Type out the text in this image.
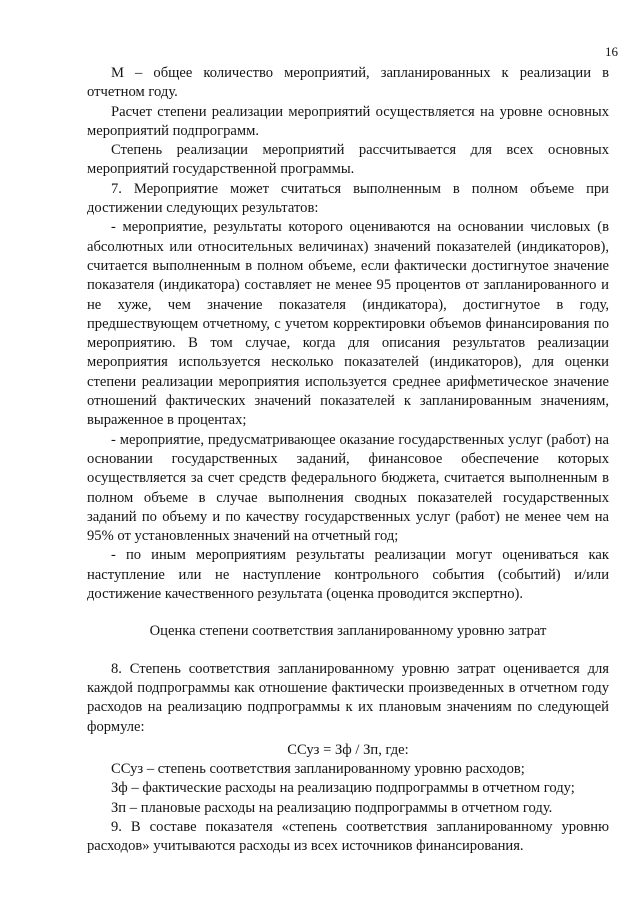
16

М – общее количество мероприятий, запланированных к реализации в отчетном году.

Расчет степени реализации мероприятий осуществляется на уровне основных мероприятий подпрограмм.

Степень реализации мероприятий рассчитывается для всех основных мероприятий государственной программы.

7. Мероприятие может считаться выполненным в полном объеме при достижении следующих результатов:

- мероприятие, результаты которого оцениваются на основании числовых (в абсолютных или относительных величинах) значений показателей (индикаторов), считается выполненным в полном объеме, если фактически достигнутое значение показателя (индикатора) составляет не менее 95 процентов от запланированного и не хуже, чем значение показателя (индикатора), достигнутое в году, предшествующем отчетному, с учетом корректировки объемов финансирования по мероприятию. В том случае, когда для описания результатов реализации мероприятия используется несколько показателей (индикаторов), для оценки степени реализации мероприятия используется среднее арифметическое значение отношений фактических значений показателей к запланированным значениям, выраженное в процентах;

- мероприятие, предусматривающее оказание государственных услуг (работ) на основании государственных заданий, финансовое обеспечение которых осуществляется за счет средств федерального бюджета, считается выполненным в полном объеме в случае выполнения сводных показателей государственных заданий по объему и по качеству государственных услуг (работ) не менее чем на 95% от установленных значений на отчетный год;

- по иным мероприятиям результаты реализации могут оцениваться как наступление или не наступление контрольного события (событий) и/или достижение качественного результата (оценка проводится экспертно).

Оценка степени соответствия запланированному уровню затрат

8. Степень соответствия запланированному уровню затрат оценивается для каждой подпрограммы как отношение фактически произведенных в отчетном году расходов на реализацию подпрограммы к их плановым значениям по следующей формуле:

ССуз = Зф / Зп, где:

ССуз – степень соответствия запланированному уровню расходов;

Зф – фактические расходы на реализацию подпрограммы в отчетном году;

Зп – плановые расходы на реализацию подпрограммы в отчетном году.

9. В составе показателя «степень соответствия запланированному уровню расходов» учитываются расходы из всех источников финансирования.
